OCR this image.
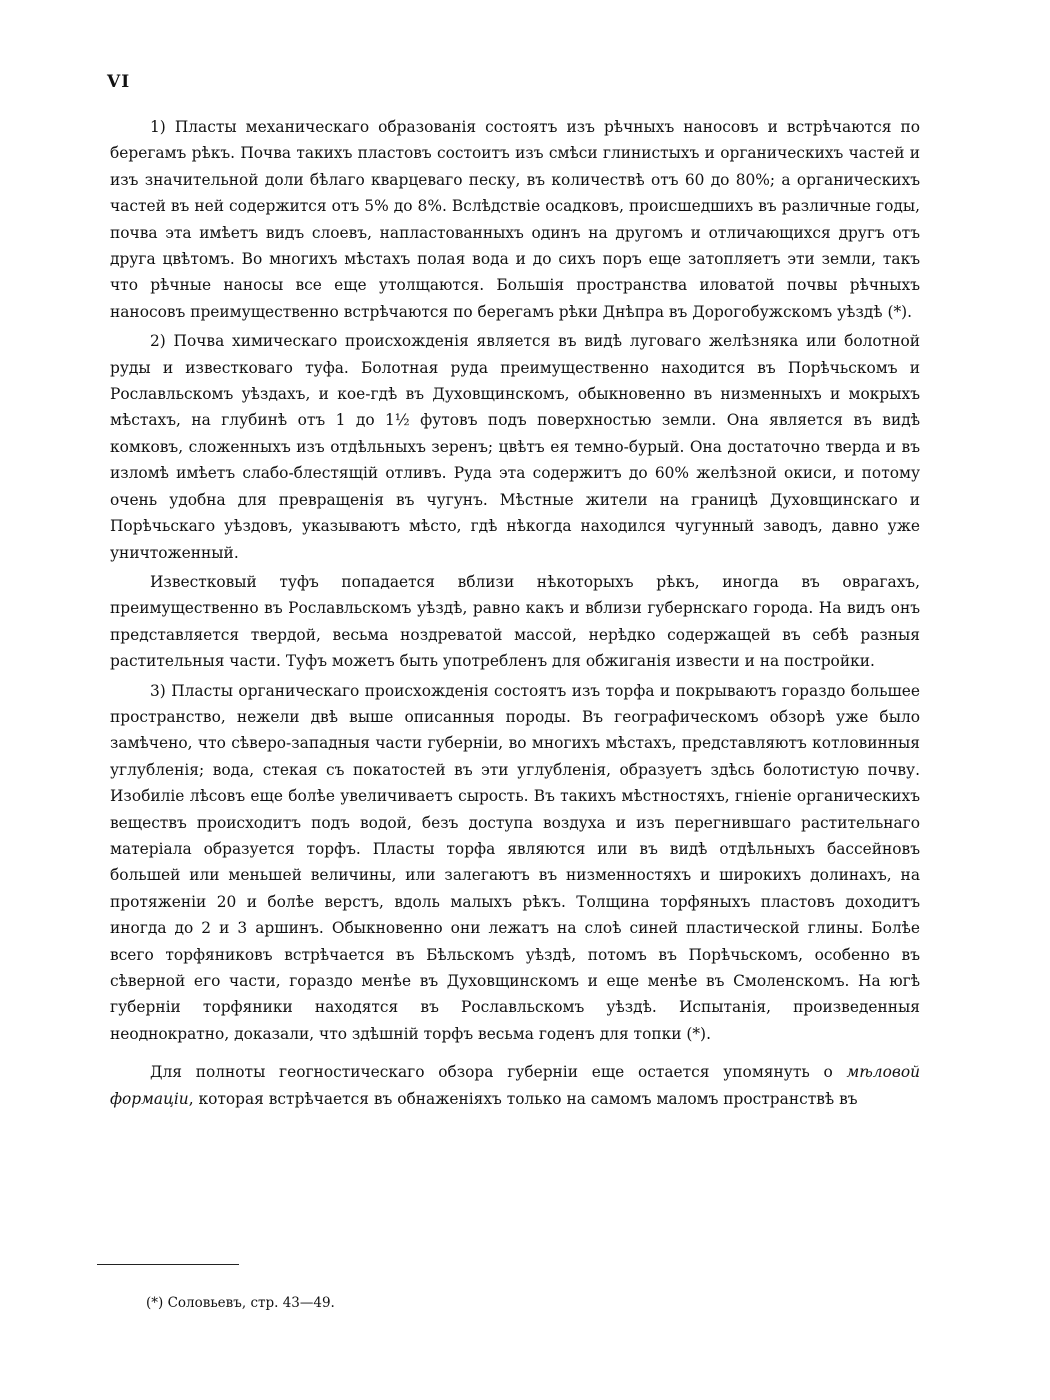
VI

1) Пласты механическаго образованія состоятъ изъ рѣчныхъ наносовъ и встрѣчаются по берегамъ рѣкъ. Почва такихъ пластовъ состоитъ изъ смѣси глинистыхъ и органическихъ частей и изъ значительной доли бѣлаго кварцеваго песку, въ количествѣ отъ 60 до 80%; а органическихъ частей въ ней содержится отъ 5% до 8%. Вслѣдствіе осадковъ, происшедшихъ въ различные годы, почва эта имѣетъ видъ слоевъ, напластованныхъ одинъ на другомъ и отличающихся другъ отъ друга цвѣтомъ. Во многихъ мѣстахъ полая вода и до сихъ поръ еще затопляетъ эти земли, такъ что рѣчные наносы все еще утолщаются. Большія пространства иловатой почвы рѣчныхъ наносовъ преимущественно встрѣчаются по берегамъ рѣки Днѣпра въ Дорогобужскомъ уѣздѣ (*).

2) Почва химическаго происхожденія является въ видѣ луговаго желѣзняка или болотной руды и известковаго туфа. Болотная руда преимущественно находится въ Порѣчьскомъ и Рославльскомъ уѣздахъ, и кое-гдѣ въ Духовщинскомъ, обыкновенно въ низменныхъ и мокрыхъ мѣстахъ, на глубинѣ отъ 1 до 1½ футовъ подъ поверхностью земли. Она является въ видѣ комковъ, сложенныхъ изъ отдѣльныхъ зеренъ; цвѣтъ ея темно-бурый. Она достаточно тверда и въ изломѣ имѣетъ слабо-блестящій отливъ. Руда эта содержитъ до 60% желѣзной окиси, и потому очень удобна для превращенія въ чугунъ. Мѣстные жители на границѣ Духовщинскаго и Порѣчьскаго уѣздовъ, указываютъ мѣсто, гдѣ нѣкогда находился чугунный заводъ, давно уже уничтоженный.

Известковый туфъ попадается вблизи нѣкоторыхъ рѣкъ, иногда въ оврагахъ, преимущественно въ Рославльскомъ уѣздѣ, равно какъ и вблизи губернскаго города. На видъ онъ представляется твердой, весьма ноздреватой массой, нерѣдко содержащей въ себѣ разныя растительныя части. Туфъ можетъ быть употребленъ для обжиганія извести и на постройки.

3) Пласты органическаго происхожденія состоятъ изъ торфа и покрываютъ гораздо большее пространство, нежели двѣ выше описанныя породы. Въ географическомъ обзорѣ уже было замѣчено, что сѣверо-западныя части губерніи, во многихъ мѣстахъ, представляютъ котловинныя углубленія; вода, стекая съ покатостей въ эти углубленія, образуетъ здѣсь болотистую почву. Изобиліе лѣсовъ еще болѣе увеличиваетъ сырость. Въ такихъ мѣстностяхъ, гніеніе органическихъ веществъ происходитъ подъ водой, безъ доступа воздуха и изъ перегнившаго растительнаго матеріала образуется торфъ. Пласты торфа являются или въ видѣ отдѣльныхъ бассейновъ большей или меньшей величины, или залегаютъ въ низменностяхъ и широкихъ долинахъ, на протяженіи 20 и болѣе верстъ, вдоль малыхъ рѣкъ. Толщина торфяныхъ пластовъ доходитъ иногда до 2 и 3 аршинъ. Обыкновенно они лежатъ на слоѣ синей пластической глины. Болѣе всего торфяниковъ встрѣчается въ Бѣльскомъ уѣздѣ, потомъ въ Порѣчьскомъ, особенно въ сѣверной его части, гораздо менѣе въ Духовщинскомъ и еще менѣе въ Смоленскомъ. На югѣ губерніи торфяники находятся въ Рославльскомъ уѣздѣ. Испытанія, произведенныя неоднократно, доказали, что здѣшній торфъ весьма годенъ для топки (*).

Для полноты геогностическаго обзора губерніи еще остается упомянуть о мѣловой формаціи, которая встрѣчается въ обнаженіяхъ только на самомъ маломъ пространствѣ въ

(*) Соловьевъ, стр. 43—49.
